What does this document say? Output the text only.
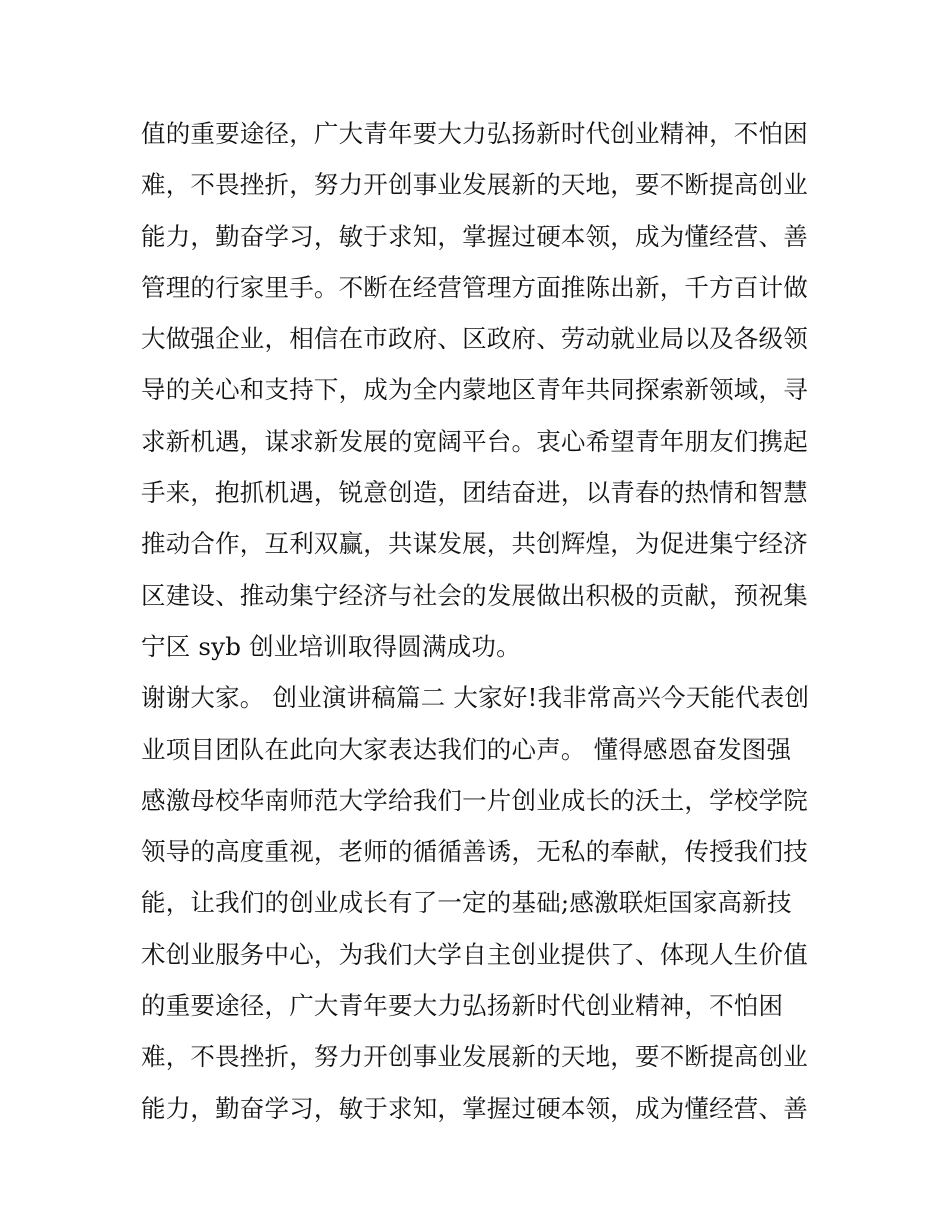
值的重要途径，广大青年要大力弘扬新时代创业精神，不怕困
难，不畏挫折，努力开创事业发展新的天地，要不断提高创业
能力，勤奋学习，敏于求知，掌握过硬本领，成为懂经营、善
管理的行家里手。不断在经营管理方面推陈出新，千方百计做
大做强企业，相信在市政府、区政府、劳动就业局以及各级领
导的关心和支持下，成为全内蒙地区青年共同探索新领域，寻
求新机遇，谋求新发展的宽阔平台。衷心希望青年朋友们携起
手来，抱抓机遇，锐意创造，团结奋进，以青春的热情和智慧
推动合作，互利双赢，共谋发展，共创辉煌，为促进集宁经济
区建设、推动集宁经济与社会的发展做出积极的贡献，预祝集
宁区 syb 创业培训取得圆满成功。
谢谢大家。 创业演讲稿篇二 大家好!我非常高兴今天能代表创
业项目团队在此向大家表达我们的心声。 懂得感恩奋发图强
感激母校华南师范大学给我们一片创业成长的沃土，学校学院
领导的高度重视，老师的循循善诱，无私的奉献，传授我们技
能，让我们的创业成长有了一定的基础;感激联炬国家高新技
术创业服务中心，为我们大学自主创业提供了、体现人生价值
的重要途径，广大青年要大力弘扬新时代创业精神，不怕困
难，不畏挫折，努力开创事业发展新的天地，要不断提高创业
能力，勤奋学习，敏于求知，掌握过硬本领，成为懂经营、善
